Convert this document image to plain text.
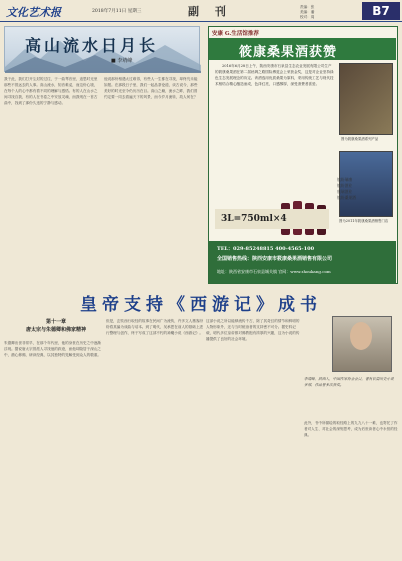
文化艺术报	2018年7月11日 星期三	副 刊	责编：张
美编：潘
校对：周	B7
高山流水日月长
■ 李靖峰
我于此，我们打开尘封的过往，于一曲琴音里，追思时光里那些不曾远去的人事。高山流水，知音难觅，而这份心境，在每个人的心中都有着不同的理解与感悟。有的人在山水之间寻找自我，有的人在书卷之中安放灵魂，而我则在一首古曲中，找到了那份久违的宁静与感动。
他说那份相遇太过难得，有些人一生都在寻找，却终究未能如愿。在那段日子里，我们一起品茶论道，谈古说今，那些美好的时光至今仍历历在目。高山之巅，流水之畔，我们曾约定要一同去看遍天下的风景，而今岁月流转，故人何在？
安康 G.生活馆推荐
筱康桑果酒获赞

2016年6月28日上午，陕西安康市石泉县生态农业发展有限公司生产的筱康桑果酒在第二届丝绸之路国际博览会上荣获金奖，这是对企业坚持绿色生态发展理念的肯定。该酒选用优质桑果为原料，采用传统工艺与现代技术相结合精心酿造而成，色泽红亮，口感醇厚，深受消费者喜爱。

图为筱康桑果酒系列产品
图为2011年筱康桑果酒销售门店
3L=750ml×4
缤纷瑞康
缤纷酒业
康瑞酒业
缤纷桑果酒
TEL：029-85248815 400-4565-100
全国销售热线：陕西安康市筱康桑果酒销售有限公司
地址：陕西省安康市石泉县城关镇 官网：www.zhoukang.com
皇帝支持《西游记》成书
第十一章
唐太宗与朱德卿和佛家精神
朱德卿出世非常早，在那个年代里，他的身世在历史之中逐渐浮现。据说唐太宗曾派人寻找他的踪迹，而他却隐居于深山之中，潜心修佛，研读经典，以其独特的见解受到众人的敬重。
但是，玄奘西行取经的故事在民间广为流传，许多文人墨客纷纷将其编为戏曲与话本。到了明代，吴承恩在前人的基础上进行整理与创作，终于写成了这部不朽的神魔小说《西游记》。
这部小说之所以能够流传千古，除了其奇幻的情节和鲜明的人物形象外，还与当时统治者的支持密不可分。据史料记载，明代多位皇帝都对佛教抱有浓厚的兴趣，这为小说的传播提供了良好的社会环境。
李靖峰，陕西人，中国作家协会会员，著有长篇历史小说多部，作品曾多次获奖。
此外，书中所描绘的取经路上的九九八十一难，也寄托了作者对人生、对社会的深刻思考，成为后世读者心中永恒的经典。
